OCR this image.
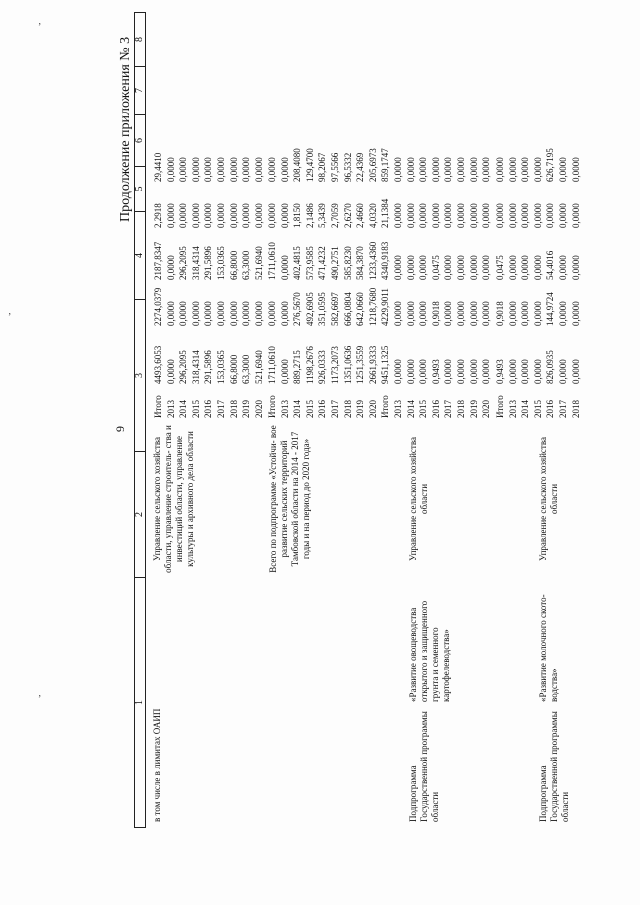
‚
‚
‚
9
Продолжение приложения № 3
1
2
3
4
5
6
7
8
в том числе в лимитах ОАИП
Управление сельского хозяйства области, управление строитель- ства и инвестиций области, управление культуры и архивного дела области
Итого
4493,6053
2274,0379
2187,8347
2,2918
29,4410
2013
0,0000
0,0000
0,0000
0,0000
0,0000
2014
296,2095
0,0000
296,2095
0,0000
0,0000
2015
318,4314
0,0000
318,4314
0,0000
0,0000
2016
291,5896
0,0000
291,5896
0,0000
0,0000
2017
153,0365
0,0000
153,0365
0,0000
0,0000
2018
66,8000
0,0000
66,8000
0,0000
0,0000
2019
63,3000
0,0000
63,3000
0,0000
0,0000
2020
521,6940
0,0000
521,6940
0,0000
0,0000
Всего по подпрограмме «Устойчи- вое развитие сельских территорий Тамбовской области на 2014 - 2017 годы и на период до 2020 года»
Итого
1711,0610
0,0000
1711,0610
0,0000
0,0000
2013
0,0000
0,0000
0,0000
0,0000
0,0000
2014
889,2715
276,5670
402,4815
1,8150
208,4080
2015
1198,2676
492,6905
573,9585
2,1486
129,4700
2016
926,0333
351,0595
471,4232
5,3439
98,2067
2017
1173,2073
582,6697
490,2751
2,7059
97,5566
2018
1351,0636
666,0804
585,8230
2,6270
96,5332
2019
1251,3559
642,0660
584,3870
2,4660
22,4369
2020
2661,9333
1218,7680
1233,4360
4,0320
205,6973
Итого
9451,1325
4229,9011
4340,9183
21,1384
859,1747
Подпрограмма Государственной программы области
«Развитие овощеводства открытого и защищенного грунта и семенного картофелеводства»
Управление сельского хозяйства области
2013
0,0000
0,0000
0,0000
0,0000
0,0000
2014
0,0000
0,0000
0,0000
0,0000
0,0000
2015
0,0000
0,0000
0,0000
0,0000
0,0000
2016
0,9493
0,9018
0,0475
0,0000
0,0000
2017
0,0000
0,0000
0,0000
0,0000
0,0000
2018
0,0000
0,0000
0,0000
0,0000
0,0000
2019
0,0000
0,0000
0,0000
0,0000
0,0000
2020
0,0000
0,0000
0,0000
0,0000
0,0000
Подпрограмма Государственной программы области
«Развитие молочного ското- водства»
Управление сельского хозяйства области
Итого
0,9493
0,9018
0,0475
0,0000
0,0000
2013
0,0000
0,0000
0,0000
0,0000
0,0000
2014
0,0000
0,0000
0,0000
0,0000
0,0000
2015
0,0000
0,0000
0,0000
0,0000
0,0000
2016
826,0935
144,9724
54,4016
0,0000
626,7195
2017
0,0000
0,0000
0,0000
0,0000
0,0000
2018
0,0000
0,0000
0,0000
0,0000
0,0000
